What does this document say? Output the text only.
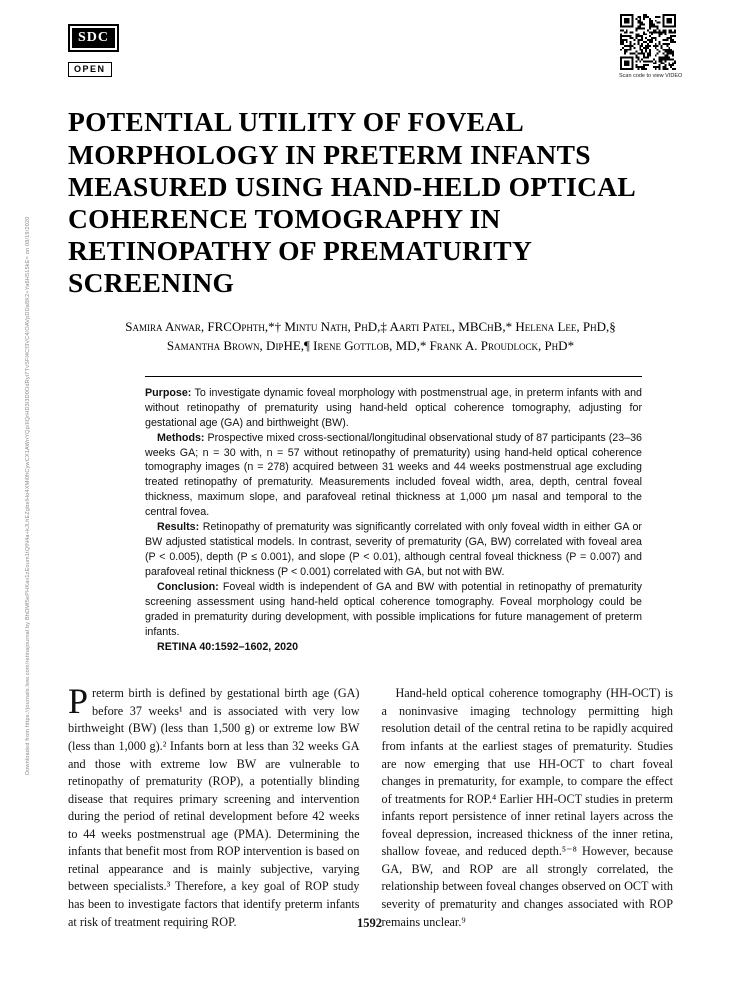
SDC
OPEN
Scan code to view VIDEO
Downloaded from https://journals.lww.com/retinajournal by BhDMf5ePHKav1zEoum1tQfN4a+kJLhEZgbsIHo4XMi0hCywCX1AWnYQp/IlQrHD3i3D0OdRyi7TvSFl4Cf3VC4/OAVpDDa8K2+Ya6H515kE= on 08/19/2020
POTENTIAL UTILITY OF FOVEAL MORPHOLOGY IN PRETERM INFANTS MEASURED USING HAND-HELD OPTICAL COHERENCE TOMOGRAPHY IN RETINOPATHY OF PREMATURITY SCREENING
Samira Anwar, FRCOphth,*† Mintu Nath, PhD,‡ Aarti Patel, MBChB,* Helena Lee, PhD,§
Samantha Brown, DipHE,¶ Irene Gottlob, MD,* Frank A. Proudlock, PhD*

Purpose: To investigate dynamic foveal morphology with postmenstrual age, in preterm infants with and without retinopathy of prematurity using hand-held optical coherence tomography, adjusting for gestational age (GA) and birthweight (BW).

Methods: Prospective mixed cross-sectional/longitudinal observational study of 87 participants (23–36 weeks GA; n = 30 with, n = 57 without retinopathy of prematurity) using hand-held optical coherence tomography images (n = 278) acquired between 31 weeks and 44 weeks postmenstrual age excluding treated retinopathy of prematurity. Measurements included foveal width, area, depth, central foveal thickness, maximum slope, and parafoveal retinal thickness at 1,000 μm nasal and temporal to the central fovea.

Results: Retinopathy of prematurity was significantly correlated with only foveal width in either GA or BW adjusted statistical models. In contrast, severity of prematurity (GA, BW) correlated with foveal area (P < 0.005), depth (P ≤ 0.001), and slope (P < 0.01), although central foveal thickness (P = 0.007) and parafoveal retinal thickness (P < 0.001) correlated with GA, but not with BW.

Conclusion: Foveal width is independent of GA and BW with potential in retinopathy of prematurity screening assessment using hand-held optical coherence tomography. Foveal morphology could be graded in prematurity during development, with possible implications for future management of preterm infants.

RETINA 40:1592–1602, 2020

Preterm birth is defined by gestational birth age (GA) before 37 weeks¹ and is associated with very low birthweight (BW) (less than 1,500 g) or extreme low BW (less than 1,000 g).² Infants born at less than 32 weeks GA and those with extreme low BW are vulnerable to retinopathy of prematurity (ROP), a potentially blinding disease that requires primary screening and intervention during the period of retinal development before 42 weeks to 44 weeks postmenstrual age (PMA). Determining the infants that benefit most from ROP intervention is based on retinal appearance and is mainly subjective, varying between specialists.³ Therefore, a key goal of ROP study has been to investigate factors that identify preterm infants at risk of treatment requiring ROP.

Hand-held optical coherence tomography (HH-OCT) is a noninvasive imaging technology permitting high resolution detail of the central retina to be rapidly acquired from infants at the earliest stages of prematurity. Studies are now emerging that use HH-OCT to chart foveal changes in prematurity, for example, to compare the effect of treatments for ROP.⁴ Earlier HH-OCT studies in preterm infants report persistence of inner retinal layers across the foveal depression, increased thickness of the inner retina, shallow foveae, and reduced depth.⁵⁻⁸ However, because GA, BW, and ROP are all strongly correlated, the relationship between foveal changes observed on OCT with severity of prematurity and changes associated with ROP remains unclear.⁹

1592
